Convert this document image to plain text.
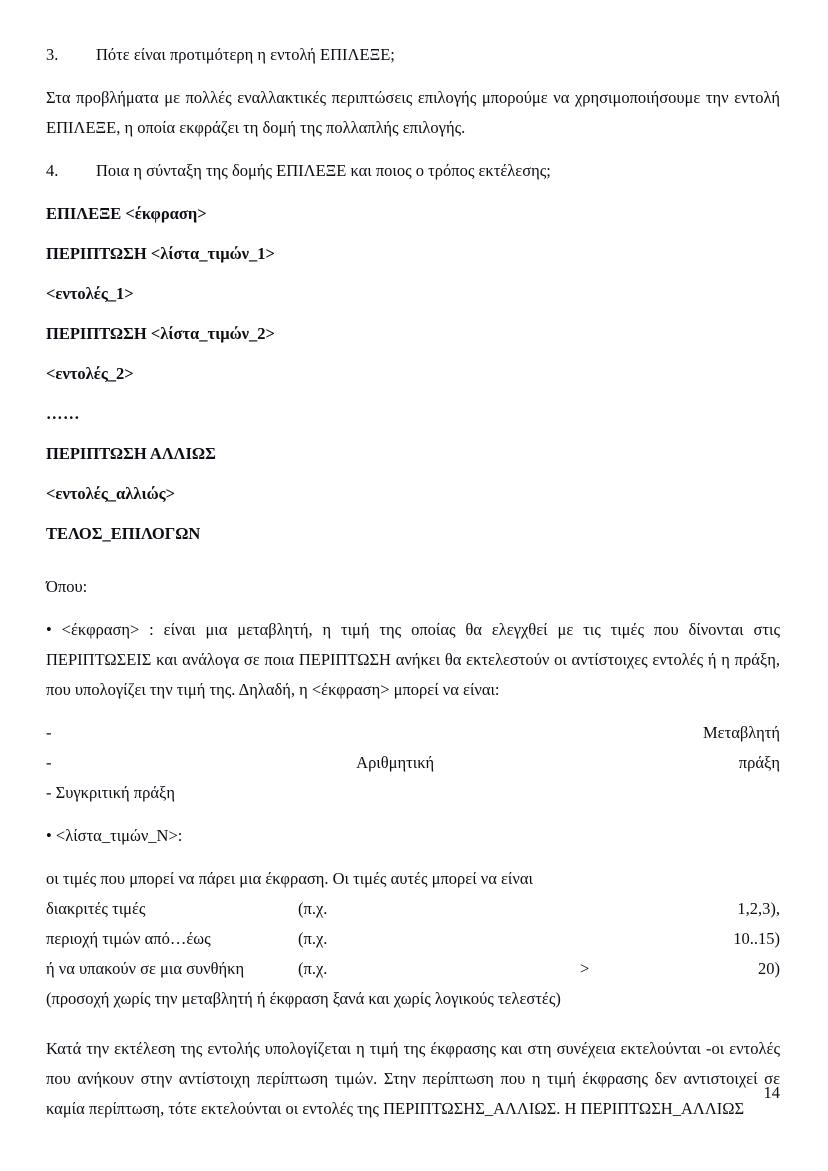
3.	Πότε είναι προτιμότερη η εντολή ΕΠΙΛΕΞΕ;

Στα προβλήματα με πολλές εναλλακτικές περιπτώσεις επιλογής μπορούμε να χρησιμοποιήσουμε την εντολή ΕΠΙΛΕΞΕ, η οποία εκφράζει τη δομή της πολλαπλής επιλογής.

4.	Ποια η σύνταξη της δομής ΕΠΙΛΕΞΕ και ποιος ο τρόπος εκτέλεσης;

ΕΠΙΛΕΞΕ <έκφραση>

ΠΕΡΙΠΤΩΣΗ <λίστα_τιμών_1>

<εντολές_1>

ΠΕΡΙΠΤΩΣΗ <λίστα_τιμών_2>

<εντολές_2>

……

ΠΕΡΙΠΤΩΣΗ ΑΛΛΙΩΣ

<εντολές_αλλιώς>

ΤΕΛΟΣ_ΕΠΙΛΟΓΩΝ

Όπου:

• <έκφραση> : είναι μια μεταβλητή, η τιμή της οποίας θα ελεγχθεί με τις τιμές που δίνονται στις ΠΕΡΙΠΤΩΣΕΙΣ και ανάλογα σε ποια ΠΕΡΙΠΤΩΣΗ ανήκει θα εκτελεστούν οι αντίστοιχες εντολές ή η πράξη, που υπολογίζει την τιμή της. Δηλαδή, η <έκφραση> μπορεί να είναι:

-	Μεταβλητή
-	Αριθμητική	πράξη

- Συγκριτική πράξη

• <λίστα_τιμών_N>:

οι τιμές που μπορεί να πάρει μια έκφραση. Οι τιμές αυτές μπορεί να είναι

διακριτές τιμές	(π.χ.	1,2,3),
περιοχή τιμών από…έως	(π.χ.	10..15)
ή να υπακούν σε μια συνθήκη	(π.χ.	>	20)

(προσοχή χωρίς την μεταβλητή ή έκφραση ξανά και χωρίς λογικούς τελεστές)

Κατά την εκτέλεση της εντολής υπολογίζεται η τιμή της έκφρασης και στη συνέχεια εκτελούνται -οι εντολές που ανήκουν στην αντίστοιχη περίπτωση τιμών. Στην περίπτωση που η τιμή έκφρασης δεν αντιστοιχεί σε καμία περίπτωση, τότε εκτελούνται οι εντολές της ΠΕΡΙΠΤΩΣΗΣ_ΑΛΛΙΩΣ. Η ΠΕΡΙΠΤΩΣΗ_ΑΛΛΙΩΣ

14
